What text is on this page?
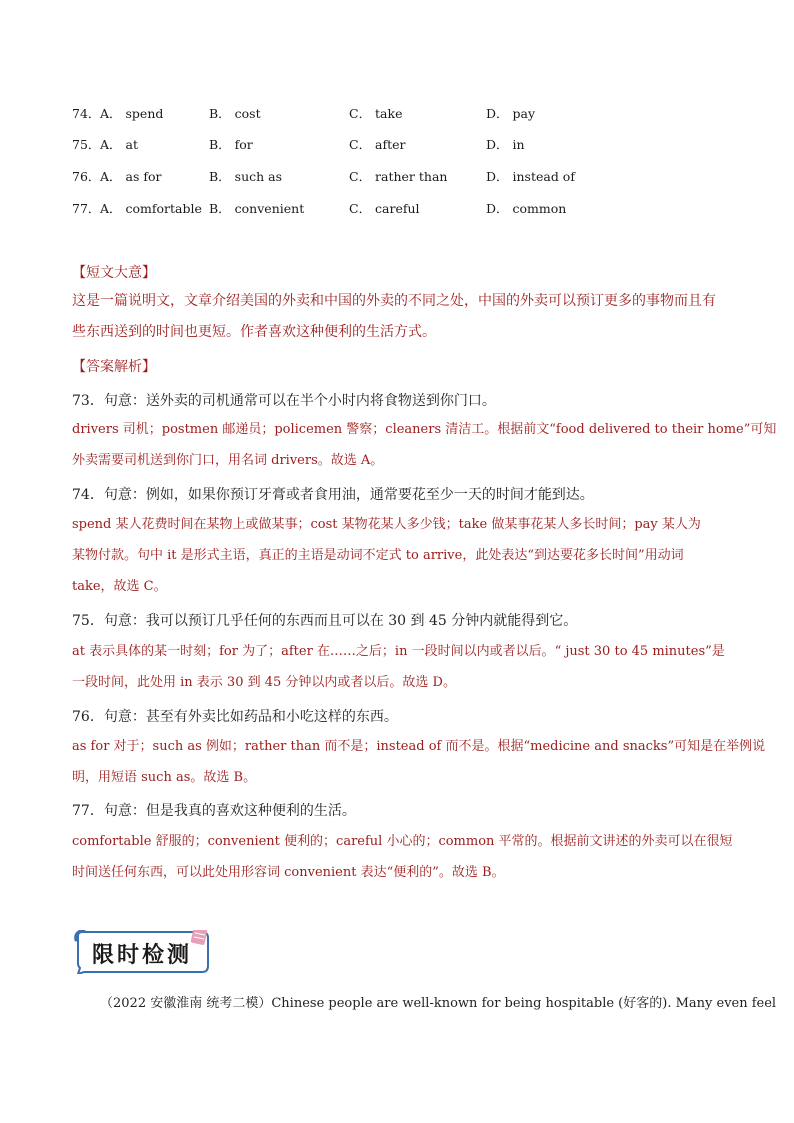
74． A． spend	B． cost	C． take	D． pay
75． A． at	B． for	C． after	D． in
76． A． as for	B． such as	C． rather than	D． instead of
77． A． comfortable B． convenient	C． careful	D． common
【短文大意】
这是一篇说明文，文章介绍美国的外卖和中国的外卖的不同之处，中国的外卖可以预订更多的事物而且有
些东西送到的时间也更短。作者喜欢这种便利的生活方式。
【答案解析】
73．句意：送外卖的司机通常可以在半个小时内将食物送到你门口。
drivers 司机；postmen 邮递员；policemen 警察；cleaners 清洁工。根据前文“food delivered to their home”可知
外卖需要司机送到你门口，用名词 drivers。故选 A。
74．句意：例如，如果你预订牙膏或者食用油，通常要花至少一天的时间才能到达。
spend 某人花费时间在某物上或做某事；cost 某物花某人多少钱；take 做某事花某人多长时间；pay 某人为
某物付款。句中 it 是形式主语，真正的主语是动词不定式 to arrive，此处表达“到达要花多长时间”用动词
take，故选 C。
75．句意：我可以预订几乎任何的东西而且可以在 30 到 45 分钟内就能得到它。
at 表示具体的某一时刻；for 为了；after 在……之后；in 一段时间以内或者以后。“ just 30 to 45 minutes”是
一段时间，此处用 in 表示 30 到 45 分钟以内或者以后。故选 D。
76．句意：甚至有外卖比如药品和小吃这样的东西。
as for 对于；such as 例如；rather than 而不是；instead of 而不是。根据“medicine and snacks”可知是在举例说
明，用短语 such as。故选 B。
77．句意：但是我真的喜欢这种便利的生活。
comfortable 舒服的；convenient 便利的；careful 小心的；common 平常的。根据前文讲述的外卖可以在很短
时间送任何东西，可以此处用形容词 convenient 表达“便利的”。故选 B。
限时检测
（2022 安徽淮南 统考二模）Chinese people are well-known for being hospitable (好客的). Many even feel
